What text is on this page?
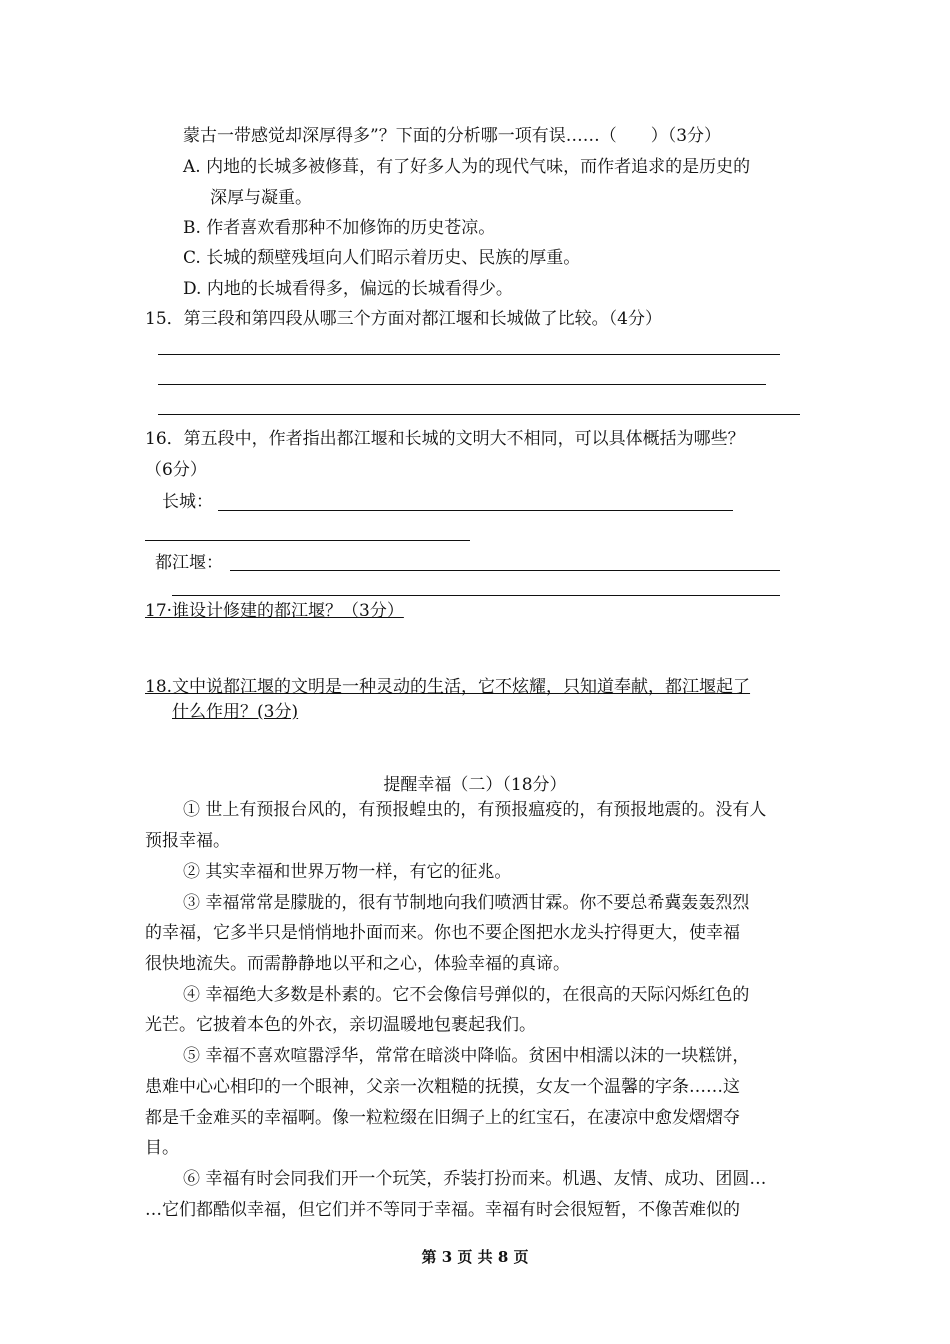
蒙古一带感觉却深厚得多”？下面的分析哪一项有误……（　　）（3分）
A. 内地的长城多被修葺，有了好多人为的现代气味，而作者追求的是历史的
深厚与凝重。
B. 作者喜欢看那种不加修饰的历史苍凉。
C. 长城的颓壁残垣向人们昭示着历史、民族的厚重。
D. 内地的长城看得多，偏远的长城看得少。
15．第三段和第四段从哪三个方面对都江堰和长城做了比较。（4分）
16．第五段中，作者指出都江堰和长城的文明大不相同，可以具体概括为哪些？
（6分）
长城：
都江堰：
17·谁设计修建的都江堰？（3分）
18.文中说都江堰的文明是一种灵动的生活，它不炫耀，只知道奉献，都江堰起了
什么作用？(3分)
提醒幸福（二）（18分）
① 世上有预报台风的，有预报蝗虫的，有预报瘟疫的，有预报地震的。没有人
预报幸福。
② 其实幸福和世界万物一样，有它的征兆。
③ 幸福常常是朦胧的，很有节制地向我们喷洒甘霖。你不要总希冀轰轰烈烈
的幸福，它多半只是悄悄地扑面而来。你也不要企图把水龙头拧得更大，使幸福
很快地流失。而需静静地以平和之心，体验幸福的真谛。
④ 幸福绝大多数是朴素的。它不会像信号弹似的，在很高的天际闪烁红色的
光芒。它披着本色的外衣，亲切温暖地包裹起我们。
⑤ 幸福不喜欢喧嚣浮华，常常在暗淡中降临。贫困中相濡以沫的一块糕饼，
患难中心心相印的一个眼神，父亲一次粗糙的抚摸，女友一个温馨的字条……这
都是千金难买的幸福啊。像一粒粒缀在旧绸子上的红宝石，在凄凉中愈发熠熠夺
目。
⑥ 幸福有时会同我们开一个玩笑，乔装打扮而来。机遇、友情、成功、团圆…
…它们都酷似幸福，但它们并不等同于幸福。幸福有时会很短暂，不像苦难似的
第 3 页 共 8 页
